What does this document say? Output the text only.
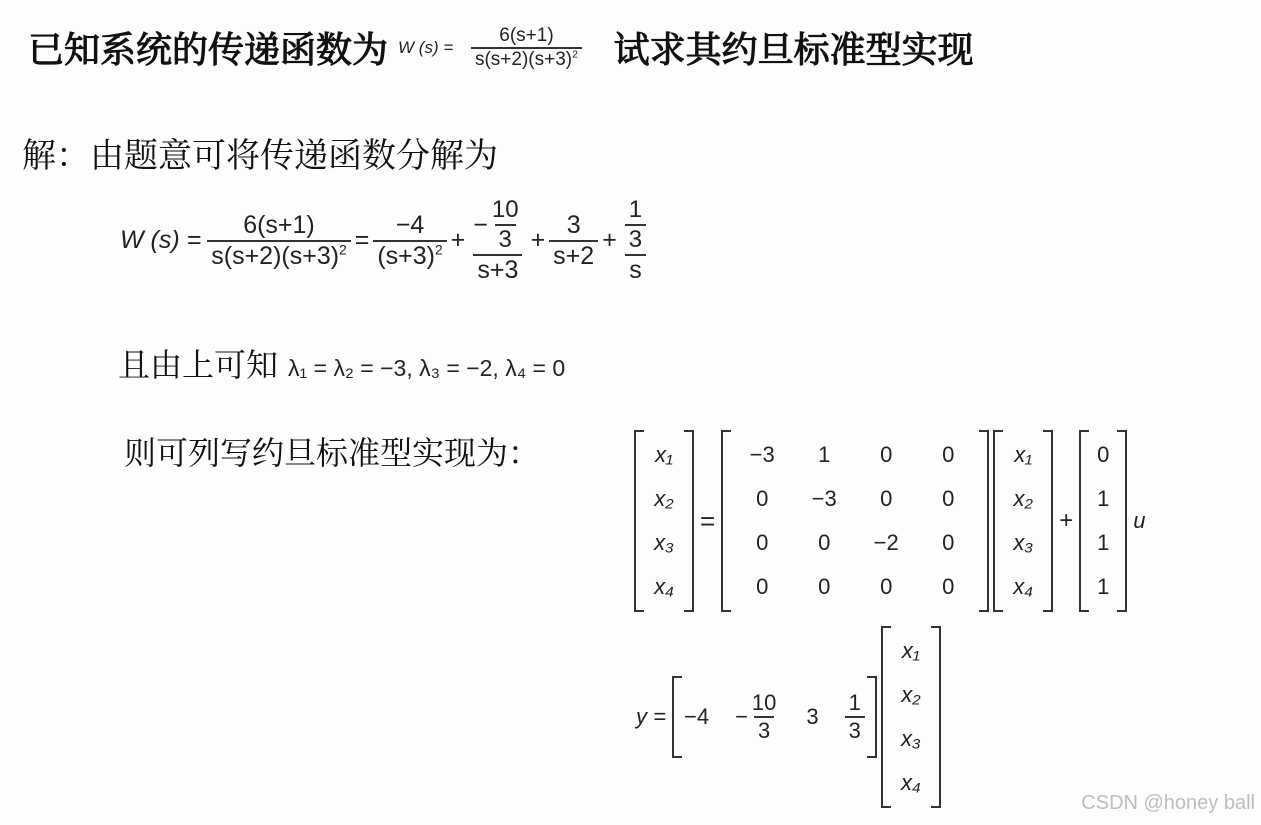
已知系统的传递函数为 W $(s) = \frac{6(s+1)}{s(s+2)(s+3)^2}$ 试求其约旦标准型实现
解：由题意可将传递函数分解为
W $(s) = \frac{6(s+1)}{s(s+2)(s+3)^2} = \frac{-4}{(s+3)^2} + \frac{- \frac{10}{3}}{s+3} + \frac{3}{s+2} + \frac{\frac{1}{3}}{s}$
且由上可知 λ₁ = λ₂ = −3, λ₃ = −2, λ₄ = 0
则可列写约旦标准型实现为：	x₁
x₂
x₃
x₄
=
−3	1	0	0
0	−3	0	0
0	0	−2	0
0	0	0	0
x₁
x₂
x₃
x₄
+
0
1
1
1
u
$y = -4 - \frac{10}{3} 3 \frac{1}{3}$
x₁
x₂
x₃
x₄
CSDN @honey ball
